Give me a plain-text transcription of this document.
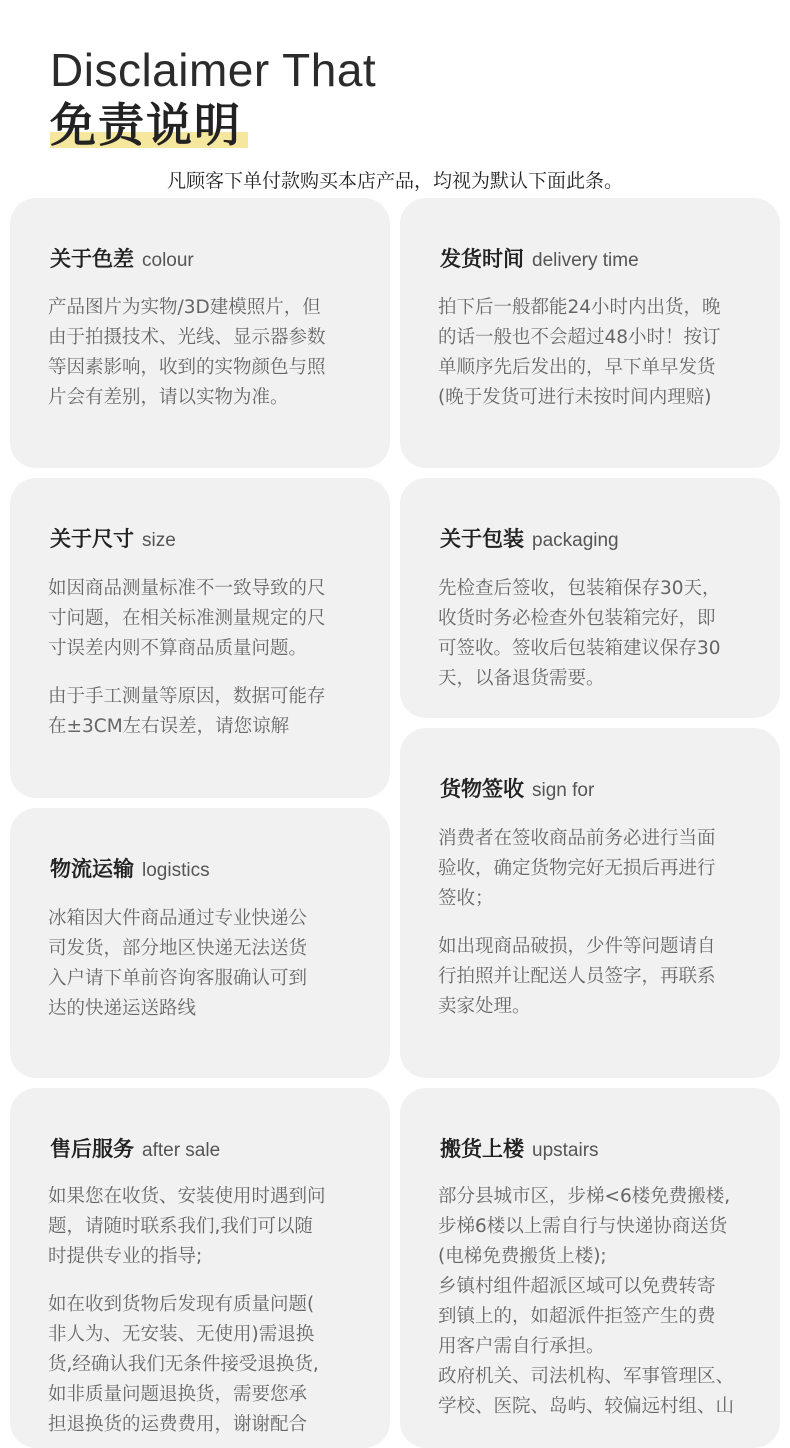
Disclaimer That
免责说明
凡顾客下单付款购买本店产品，均视为默认下面此条。
关于色差 colour
产品图片为实物/3D建模照片，但
由于拍摄技术、光线、显示器参数
等因素影响，收到的实物颜色与照
片会有差别，请以实物为准。
发货时间 delivery time
拍下后一般都能24小时内出货，晚
的话一般也不会超过48小时！按订
单顺序先后发出的，早下单早发货
(晚于发货可进行未按时间内理赔)
关于尺寸 size
如因商品测量标准不一致导致的尺
寸问题，在相关标准测量规定的尺
寸误差内则不算商品质量问题。
由于手工测量等原因，数据可能存
在±3CM左右误差，请您谅解
关于包装 packaging
先检查后签收，包装箱保存30天，
收货时务必检查外包装箱完好，即
可签收。签收后包装箱建议保存30
天，以备退货需要。
货物签收 sign for
消费者在签收商品前务必进行当面
验收，确定货物完好无损后再进行
签收；
如出现商品破损，少件等问题请自
行拍照并让配送人员签字，再联系
卖家处理。
物流运输 logistics
冰箱因大件商品通过专业快递公
司发货，部分地区快递无法送货
入户请下单前咨询客服确认可到
达的快递运送路线
售后服务 after sale
如果您在收货、安装使用时遇到问
题，请随时联系我们,我们可以随
时提供专业的指导;
如在收到货物后发现有质量问题(
非人为、无安装、无使用)需退换
货,经确认我们无条件接受退换货,
如非质量问题退换货，需要您承
担退换货的运费费用，谢谢配合
搬货上楼 upstairs
部分县城市区，步梯<6楼免费搬楼,
步梯6楼以上需自行与快递协商送货
(电梯免费搬货上楼);
乡镇村组件超派区域可以免费转寄
到镇上的，如超派件拒签产生的费
用客户需自行承担。
政府机关、司法机构、军事管理区、
学校、医院、岛屿、较偏远村组、山
